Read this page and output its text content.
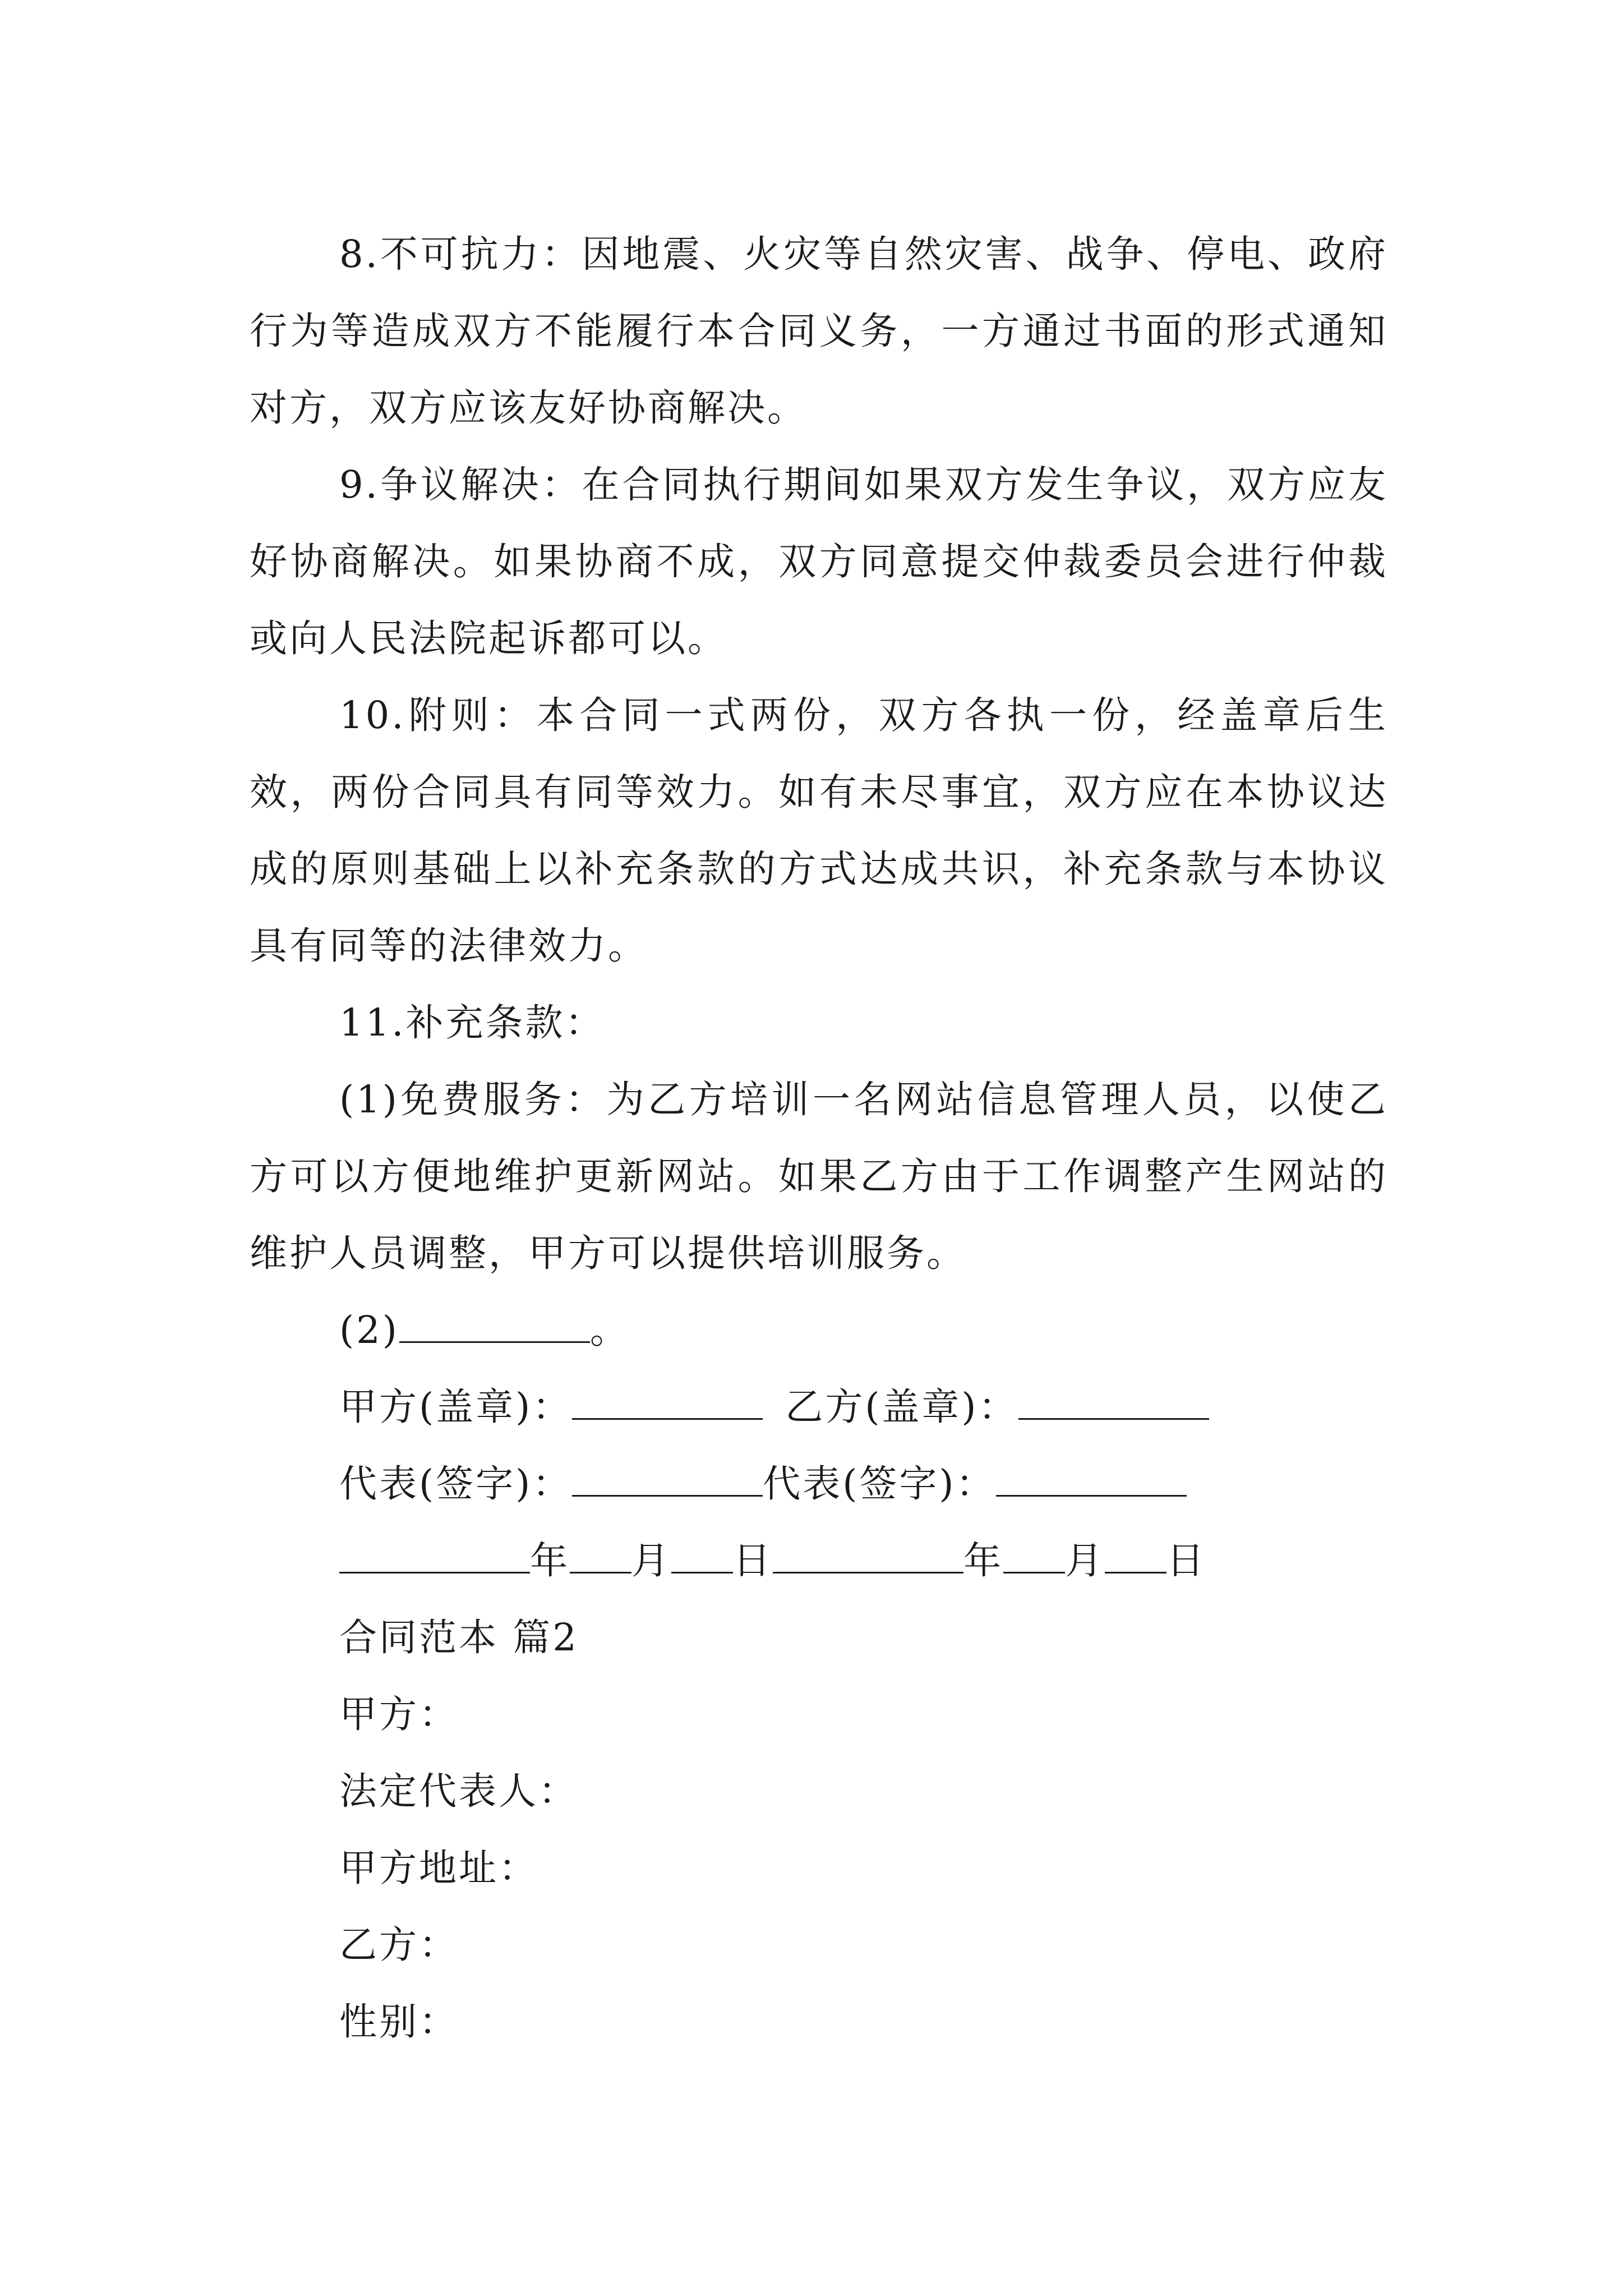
8.不可抗力：因地震、火灾等自然灾害、战争、停电、政府行为等造成双方不能履行本合同义务，一方通过书面的形式通知对方，双方应该友好协商解决。

9.争议解决：在合同执行期间如果双方发生争议，双方应友好协商解决。如果协商不成，双方同意提交仲裁委员会进行仲裁或向人民法院起诉都可以。

10.附则：本合同一式两份，双方各执一份，经盖章后生效，两份合同具有同等效力。如有未尽事宜，双方应在本协议达成的原则基础上以补充条款的方式达成共识，补充条款与本协议具有同等的法律效力。

11.补充条款：

(1)免费服务：为乙方培训一名网站信息管理人员，以使乙方可以方便地维护更新网站。如果乙方由于工作调整产生网站的维护人员调整，甲方可以提供培训服务。

(2)	。

甲方(盖章)：	乙方(盖章)：

代表(签字)：	代表(签字)：

年 月 日	年 月 日

合同范本 篇2

甲方：

法定代表人：

甲方地址：

乙方：

性别：
